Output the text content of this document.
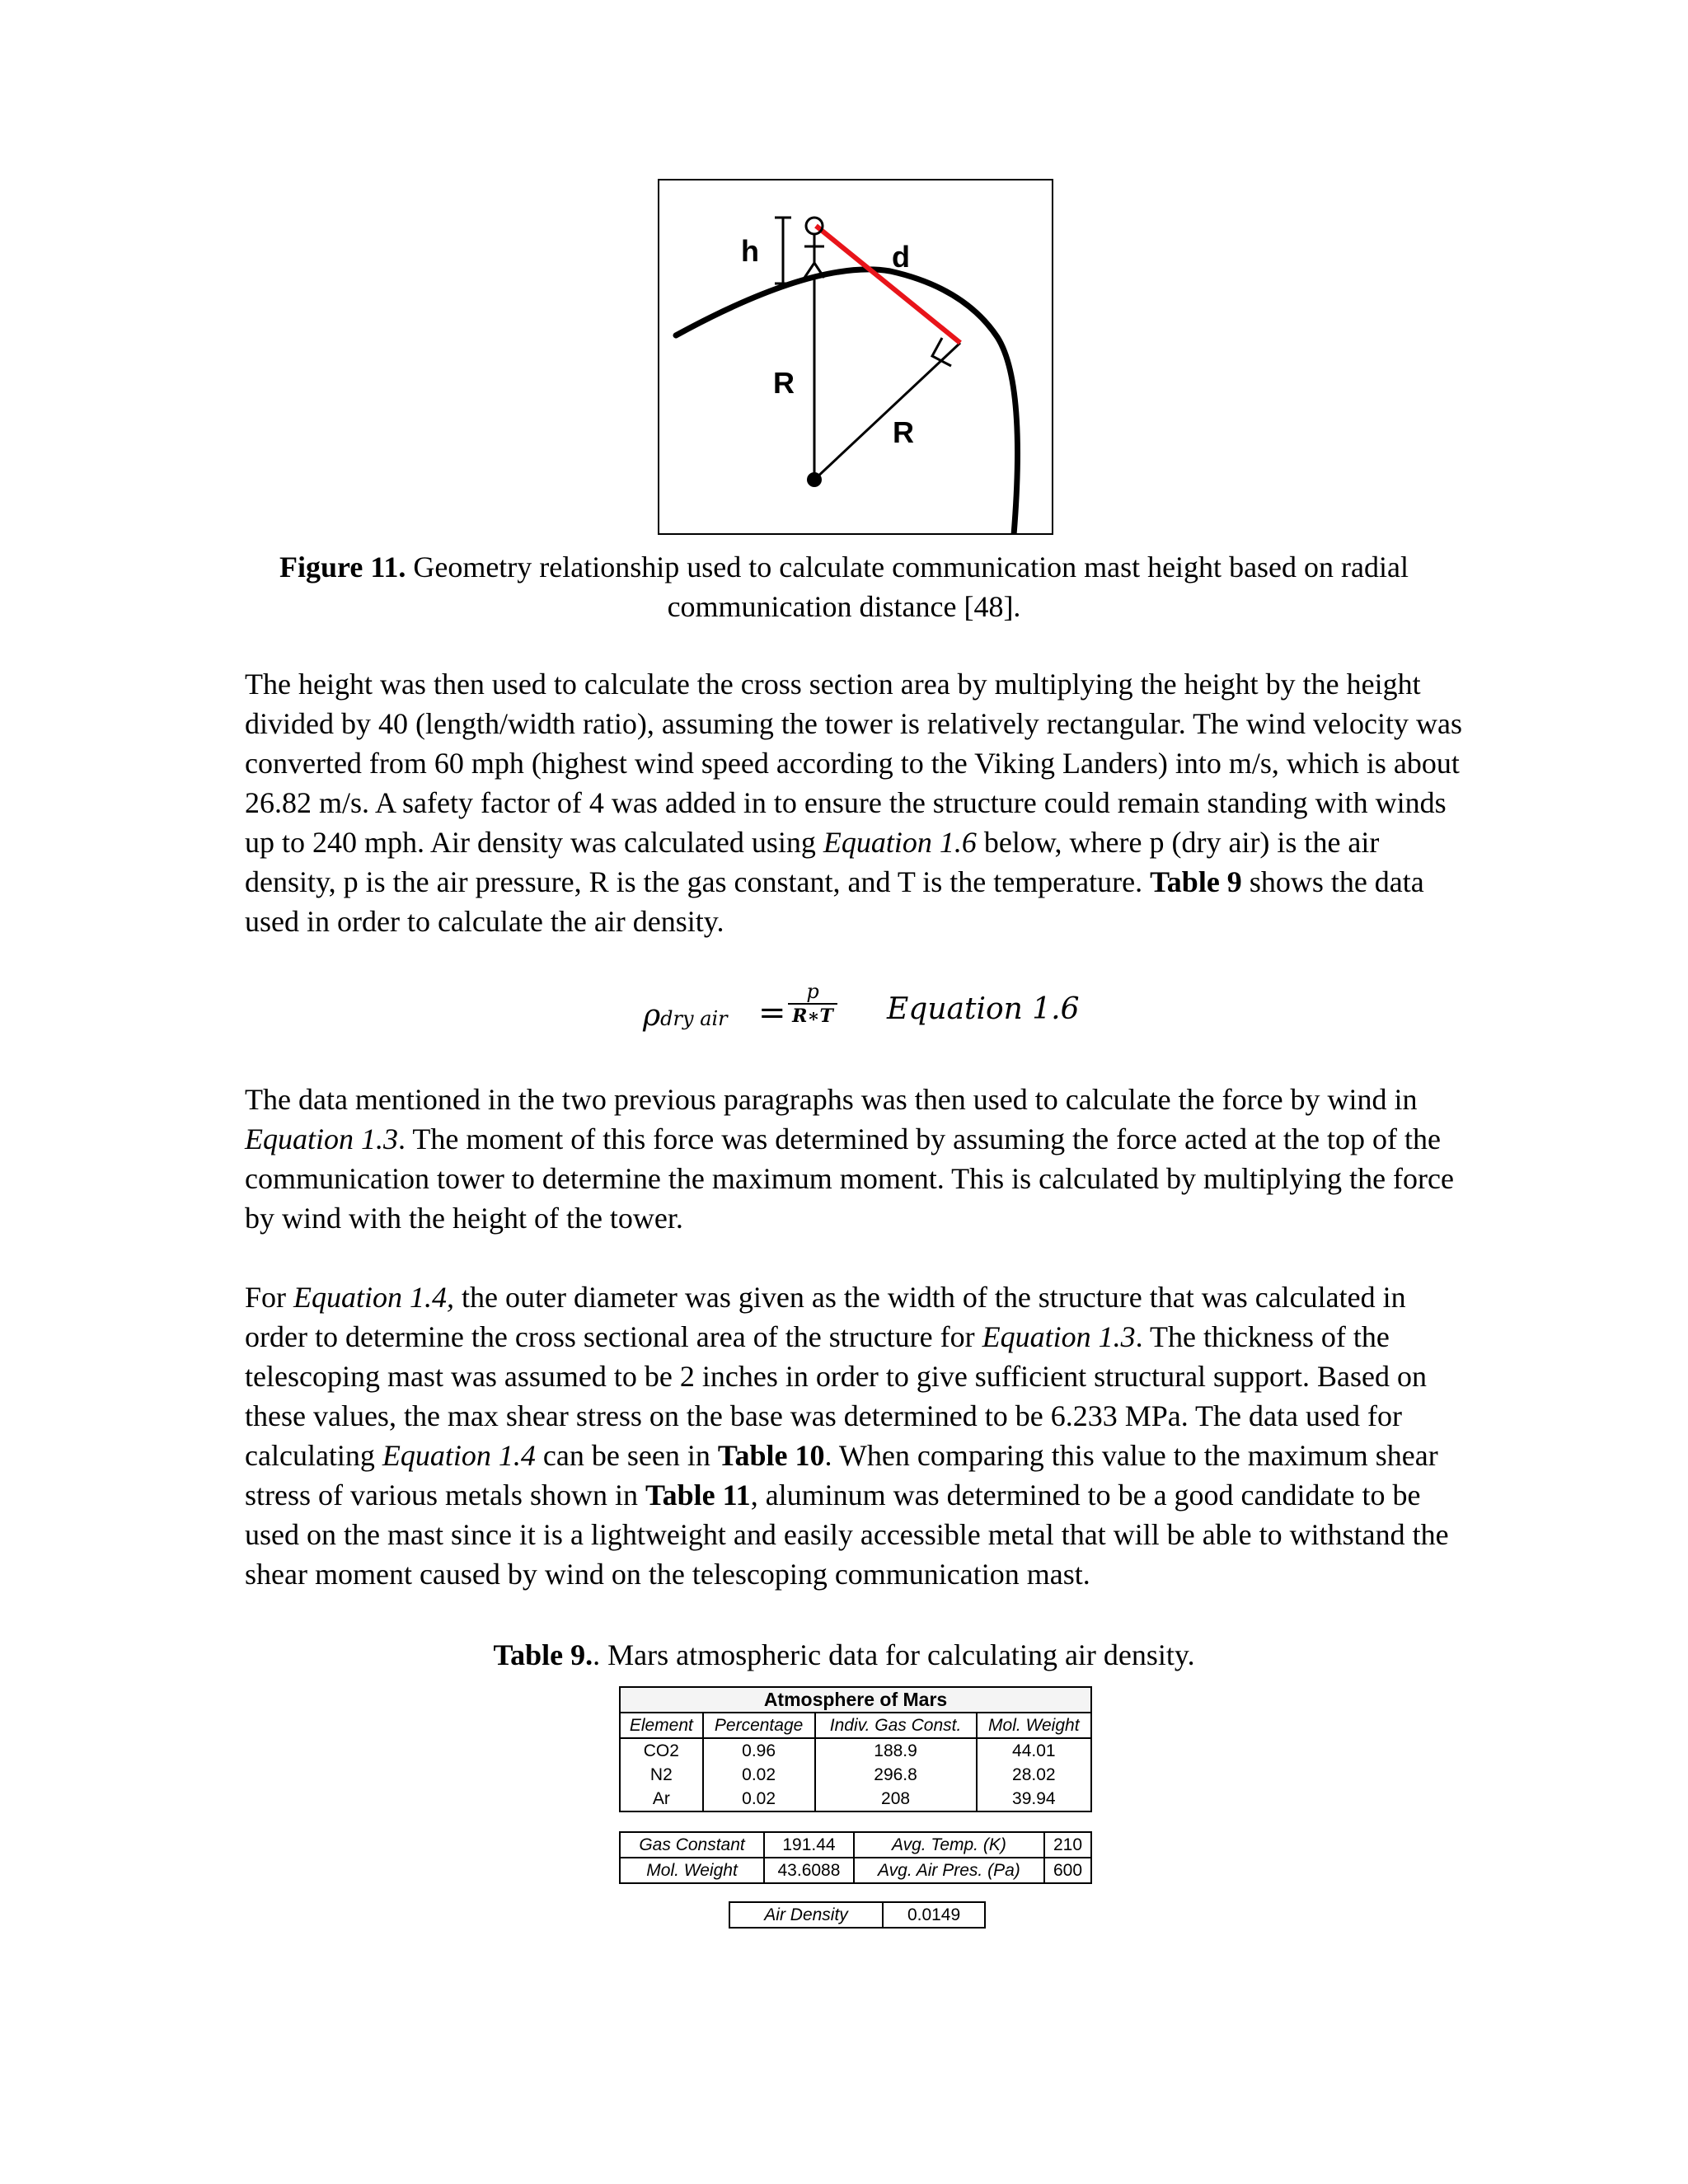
h	d
R
R
Figure 11. Geometry relationship used to calculate communication mast height based on radial communication distance [48].

The height was then used to calculate the cross section area by multiplying the height by the height divided by 40 (length/width ratio), assuming the tower is relatively rectangular. The wind velocity was converted from 60 mph (highest wind speed according to the Viking Landers) into m/s, which is about 26.82 m/s. A safety factor of 4 was added in to ensure the structure could remain standing with winds up to 240 mph. Air density was calculated using Equation 1.6 below, where p (dry air) is the air density, p is the air pressure, R is the gas constant, and T is the temperature. Table 9 shows the data used in order to calculate the air density.

ρdry air =
p
R∗T Equation 1.6

The data mentioned in the two previous paragraphs was then used to calculate the force by wind in Equation 1.3. The moment of this force was determined by assuming the force acted at the top of the communication tower to determine the maximum moment. This is calculated by multiplying the force by wind with the height of the tower.

For Equation 1.4, the outer diameter was given as the width of the structure that was calculated in order to determine the cross sectional area of the structure for Equation 1.3. The thickness of the telescoping mast was assumed to be 2 inches in order to give sufficient structural support. Based on these values, the max shear stress on the base was determined to be 6.233 MPa. The data used for calculating Equation 1.4 can be seen in Table 10. When comparing this value to the maximum shear stress of various metals shown in Table 11, aluminum was determined to be a good candidate to be used on the mast since it is a lightweight and easily accessible metal that will be able to withstand the shear moment caused by wind on the telescoping communication mast.

Table 9.. Mars atmospheric data for calculating air density.
Atmosphere of Mars			
Element	Percentage	Indiv. Gas Const.	Mol. Weight
CO2	0.96	188.9	44.01
N2	0.02	296.8	28.02
Ar	0.02	208	39.94
Gas Constant	191.44	Avg. Temp. (K)	210
Mol. Weight	43.6088	Avg. Air Pres. (Pa)	600
Air Density	0.0149
